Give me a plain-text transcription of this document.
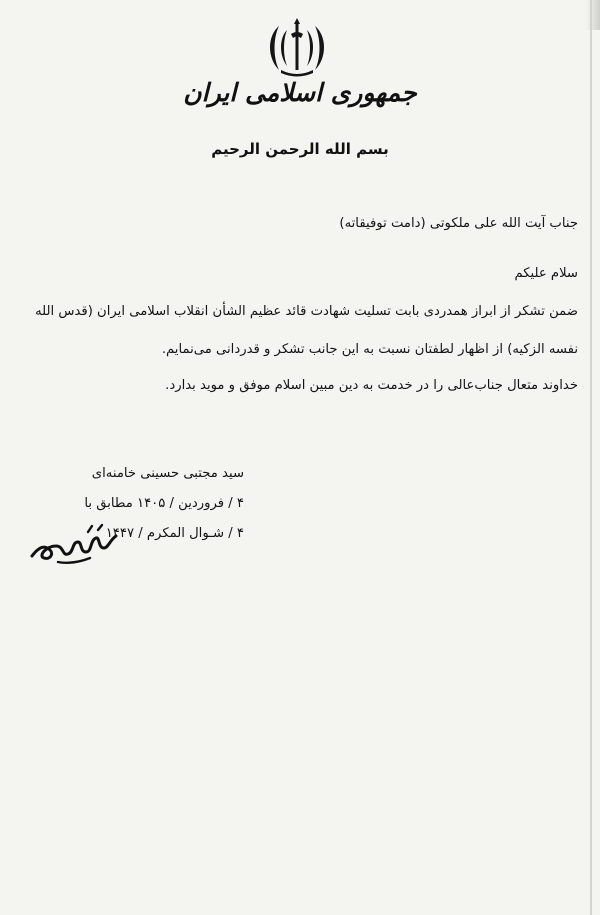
جمهوری اسلامی ایران
بسم الله الرحمن الرحیم
جناب آیت الله علی ملکوتی (دامت توفیقاته)
سلام علیکم
ضمن تشکر از ابراز همدردی بابت تسلیت شهادت قائد عظیم الشأن انقلاب اسلامی ایران (قدس الله
نفسه الزکیه) از اظهار لطفتان نسبت به این جانب تشکر و قدردانی می‌نمایم.
خداوند متعال جناب‌عالی را در خدمت به دین مبین اسلام موفق و موید بدارد.
سید مجتبی حسینی خامنه‌ای
۴ / فروردین / ۱۴۰۵ مطابق با
۴ / شـوال المکرم / ۱۴۴۷
